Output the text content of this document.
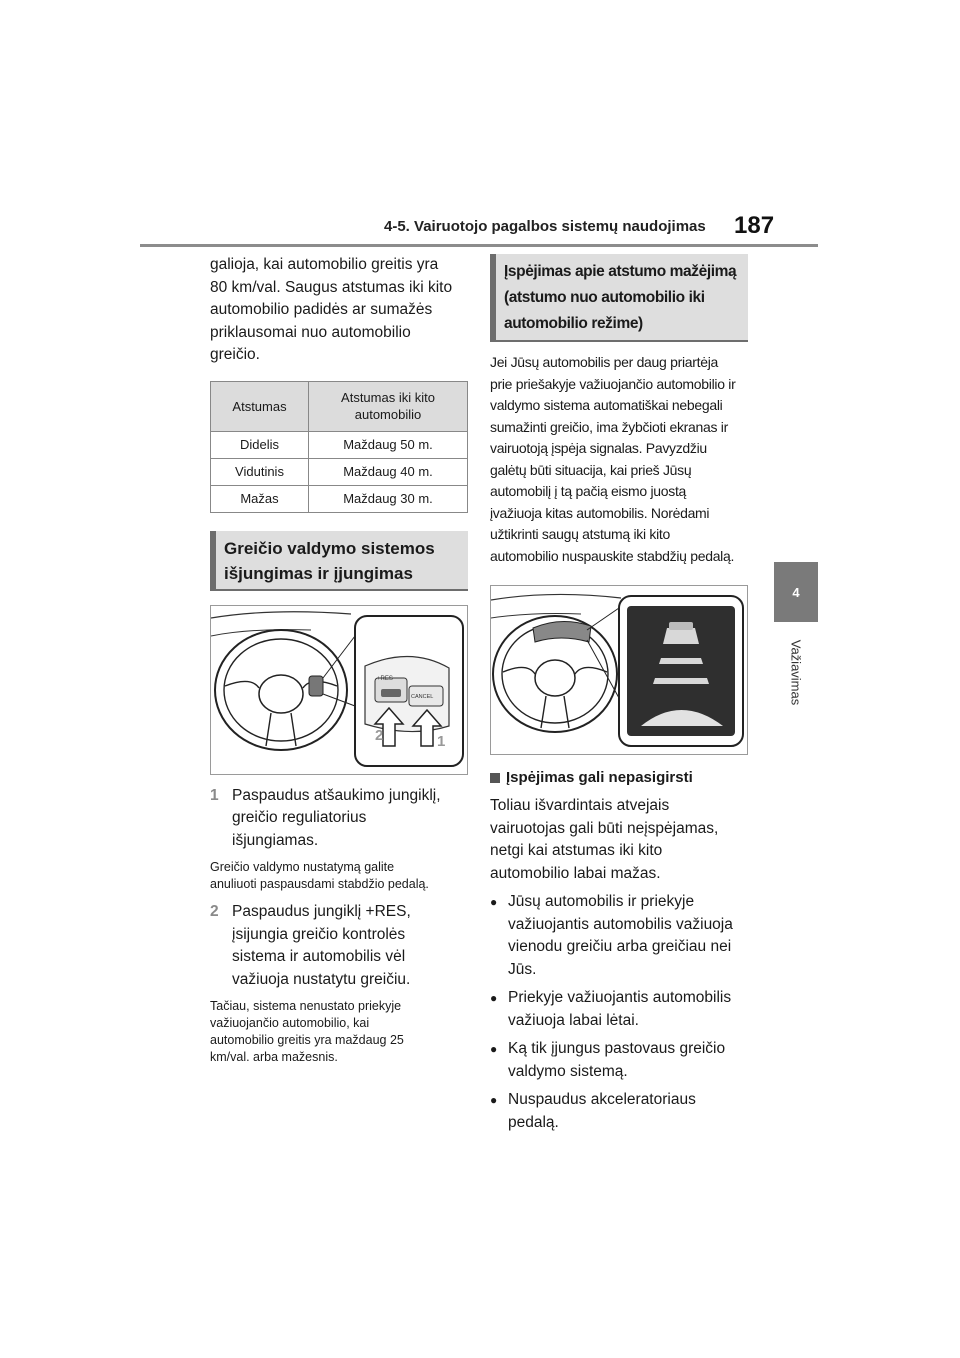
4-5. Vairuotojo pagalbos sistemų naudojimas 187
4
Važiavimas
galioja, kai automobilio greitis yra
80 km/val. Saugus atstumas iki kito
automobilio padidės ar sumažės
priklausomai nuo automobilio
greičio.
Atstumas	Atstumas iki kito automobilio
Didelis	Maždaug 50 m.
Vidutinis	Maždaug 40 m.
Mažas	Maždaug 30 m.
Greičio valdymo sistemos
išjungimas ir įjungimas
+RES
CANCEL
2	1
1 Paspaudus atšaukimo jungiklį,
greičio reguliatorius
išjungiamas.
Greičio valdymo nustatymą galite
anuliuoti paspausdami stabdžio pedalą.
2 Paspaudus jungiklį +RES,
įsijungia greičio kontrolės
sistema ir automobilis vėl
važiuoja nustatytu greičiu.
Tačiau, sistema nenustato priekyje
važiuojančio automobilio, kai
automobilio greitis yra maždaug 25
km/val. arba mažesnis.
Įspėjimas apie atstumo mažėjimą
(atstumo nuo automobilio iki
automobilio režime)
Jei Jūsų automobilis per daug priartėja
prie priešakyje važiuojančio automobilio ir
valdymo sistema automatiškai nebegali
sumažinti greičio, ima žybčioti ekranas ir
vairuotoją įspėja signalas. Pavyzdžiu
galėtų būti situacija, kai prieš Jūsų
automobilį į tą pačią eismo juostą
įvažiuoja kitas automobilis. Norėdami
užtikrinti saugų atstumą iki kito
automobilio nuspauskite stabdžių pedalą.
Įspėjimas gali nepasigirsti
Toliau išvardintais atvejais
vairuotojas gali būti neįspėjamas,
netgi kai atstumas iki kito
automobilio labai mažas.
● Jūsų automobilis ir priekyje
važiuojantis automobilis važiuoja
vienodu greičiu arba greičiau nei
Jūs.
● Priekyje važiuojantis automobilis
važiuoja labai lėtai.
● Ką tik įjungus pastovaus greičio
valdymo sistemą.
● Nuspaudus akceleratoriaus
pedalą.
